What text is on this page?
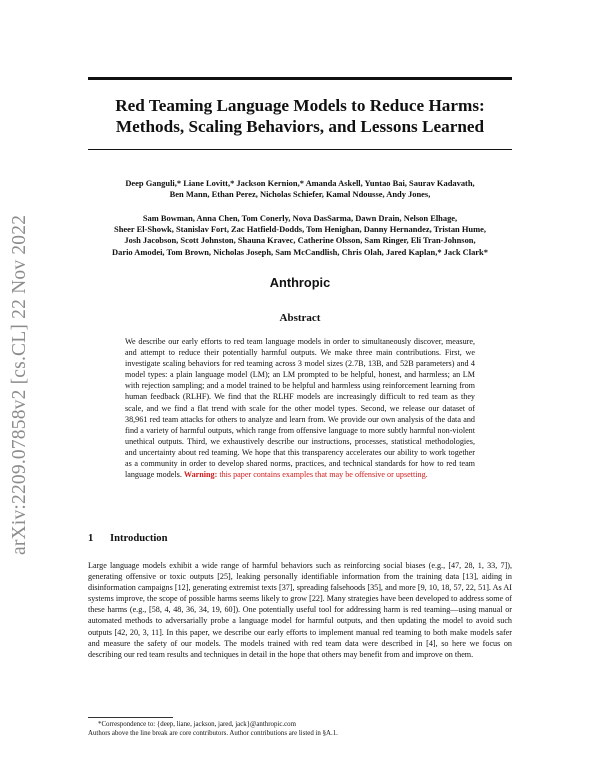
arXiv:2209.07858v2 [cs.CL] 22 Nov 2022
Red Teaming Language Models to Reduce Harms:
Methods, Scaling Behaviors, and Lessons Learned
Deep Ganguli,* Liane Lovitt,* Jackson Kernion,* Amanda Askell, Yuntao Bai, Saurav Kadavath,
Ben Mann, Ethan Perez, Nicholas Schiefer, Kamal Ndousse, Andy Jones,
Sam Bowman, Anna Chen, Tom Conerly, Nova DasSarma, Dawn Drain, Nelson Elhage,
Sheer El-Showk, Stanislav Fort, Zac Hatfield-Dodds, Tom Henighan, Danny Hernandez, Tristan Hume,
Josh Jacobson, Scott Johnston, Shauna Kravec, Catherine Olsson, Sam Ringer, Eli Tran-Johnson,
Dario Amodei, Tom Brown, Nicholas Joseph, Sam McCandlish, Chris Olah, Jared Kaplan,* Jack Clark*
Anthropic
Abstract
We describe our early efforts to red team language models in order to simultaneously discover, measure, and attempt to reduce their potentially harmful outputs. We make three main contributions. First, we investigate scaling behaviors for red teaming across 3 model sizes (2.7B, 13B, and 52B parameters) and 4 model types: a plain language model (LM); an LM prompted to be helpful, honest, and harmless; an LM with rejection sampling; and a model trained to be helpful and harmless using reinforcement learning from human feedback (RLHF). We find that the RLHF models are increasingly difficult to red team as they scale, and we find a flat trend with scale for the other model types. Second, we release our dataset of 38,961 red team attacks for others to analyze and learn from. We provide our own analysis of the data and find a variety of harmful outputs, which range from offensive language to more subtly harmful non-violent unethical outputs. Third, we exhaustively describe our instructions, processes, statistical methodologies, and uncertainty about red teaming. We hope that this transparency accelerates our ability to work together as a community in order to develop shared norms, practices, and technical standards for how to red team language models. Warning: this paper contains examples that may be offensive or upsetting.
1 Introduction
Large language models exhibit a wide range of harmful behaviors such as reinforcing social biases (e.g., [47, 28, 1, 33, 7]), generating offensive or toxic outputs [25], leaking personally identifiable information from the training data [13], aiding in disinformation campaigns [12], generating extremist texts [37], spreading falsehoods [35], and more [9, 10, 18, 57, 22, 51]. As AI systems improve, the scope of possible harms seems likely to grow [22]. Many strategies have been developed to address some of these harms (e.g., [58, 4, 48, 36, 34, 19, 60]). One potentially useful tool for addressing harm is red teaming—using manual or automated methods to adversarially probe a language model for harmful outputs, and then updating the model to avoid such outputs [42, 20, 3, 11]. In this paper, we describe our early efforts to implement manual red teaming to both make models safer and measure the safety of our models. The models trained with red team data were described in [4], so here we focus on describing our red team results and techniques in detail in the hope that others may benefit from and improve on them.
*Correspondence to: {deep, liane, jackson, jared, jack}@anthropic.com
Authors above the line break are core contributors. Author contributions are listed in §A.1.
